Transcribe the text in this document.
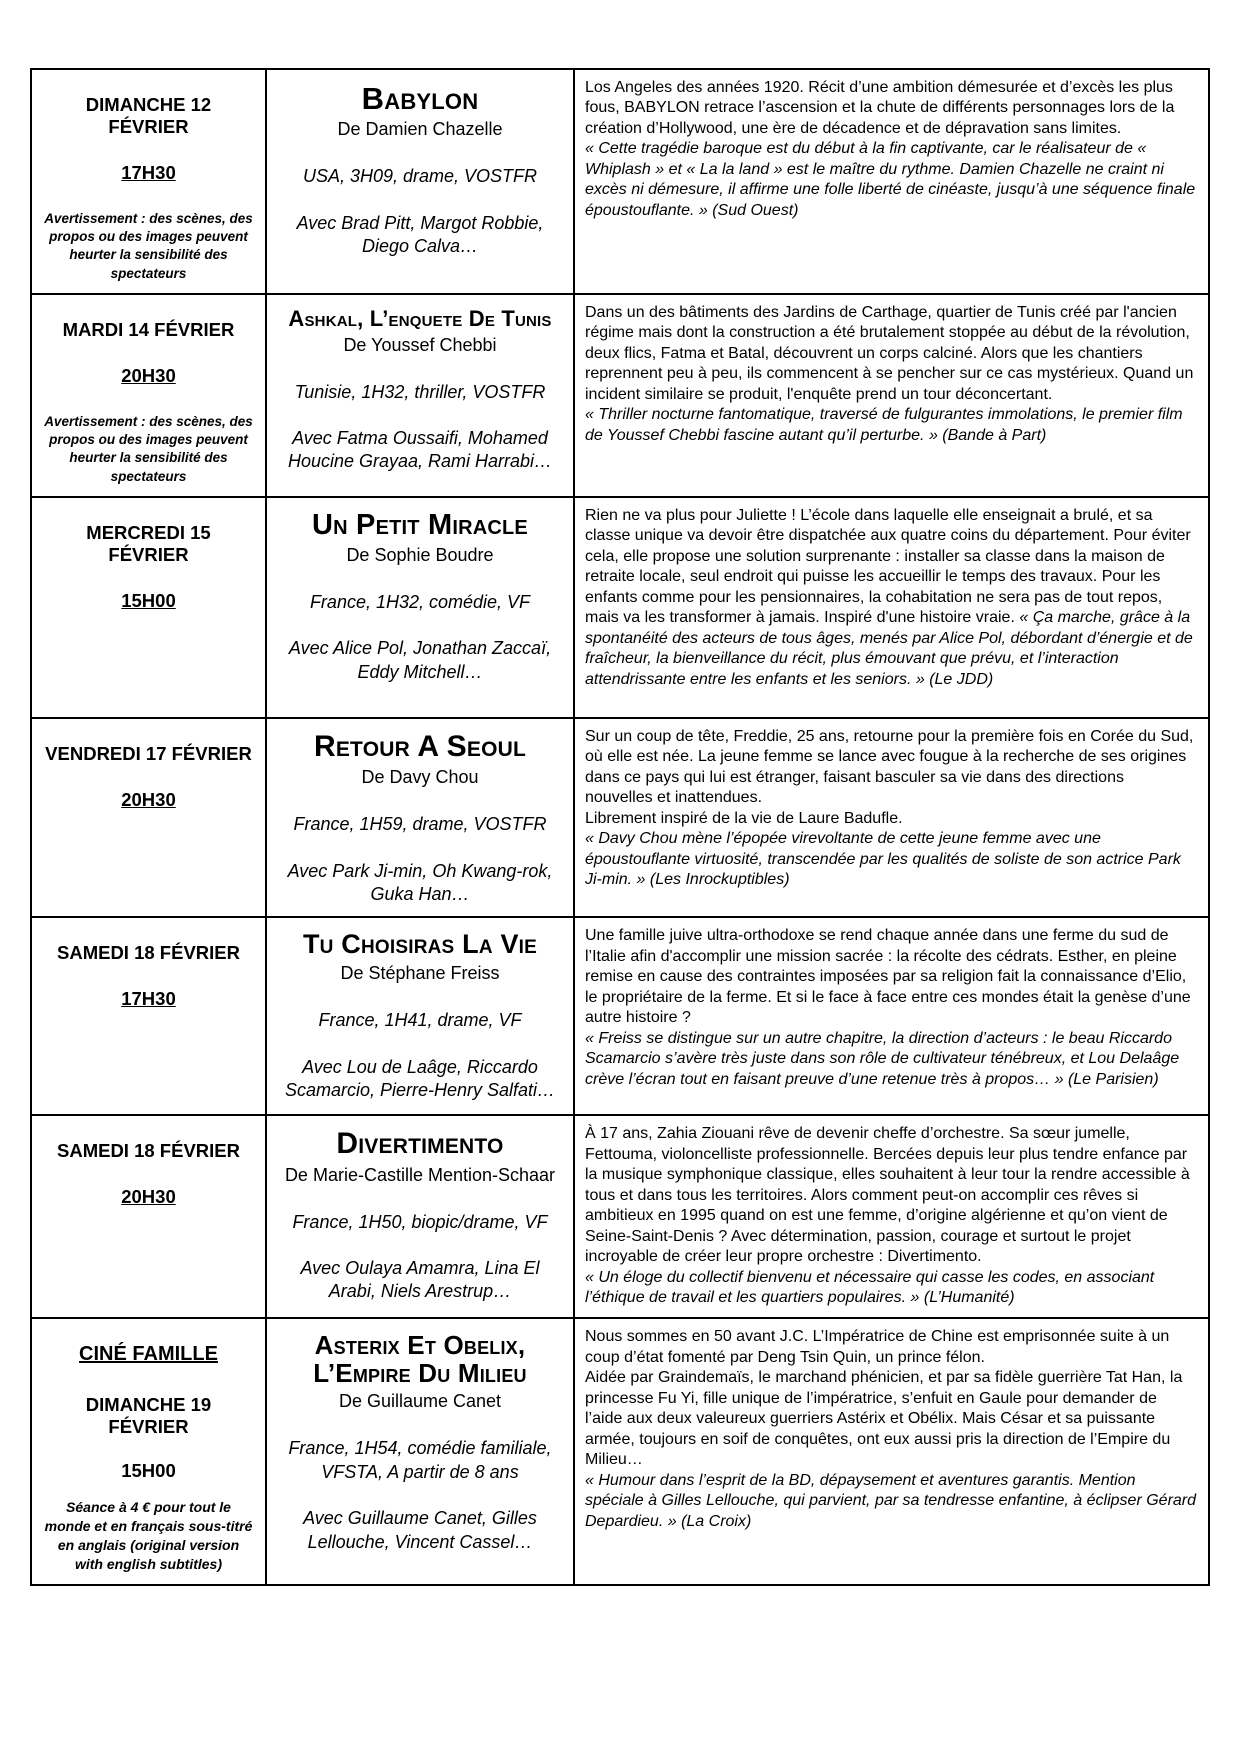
DIMANCHE 12 FÉVRIER
17H30
Avertissement : des scènes, des propos ou des images peuvent heurter la sensibilité des spectateurs
Babylon
De Damien Chazelle
USA, 3H09, drame, VOSTFR
Avec Brad Pitt, Margot Robbie, Diego Calva…
Los Angeles des années 1920. Récit d’une ambition démesurée et d’excès les plus fous, BABYLON retrace l’ascension et la chute de différents personnages lors de la création d’Hollywood, une ère de décadence et de dépravation sans limites.
« Cette tragédie baroque est du début à la fin captivante, car le réalisateur de « Whiplash » et « La la land » est le maître du rythme. Damien Chazelle ne craint ni excès ni démesure, il affirme une folle liberté de cinéaste, jusqu’à une séquence finale époustouflante. » (Sud Ouest)
MARDI 14 FÉVRIER
20H30
Avertissement : des scènes, des propos ou des images peuvent heurter la sensibilité des spectateurs
Ashkal, L’enquete De Tunis
De Youssef Chebbi
Tunisie, 1H32, thriller, VOSTFR
Avec Fatma Oussaifi, Mohamed Houcine Grayaa, Rami Harrabi…
Dans un des bâtiments des Jardins de Carthage, quartier de Tunis créé par l'ancien régime mais dont la construction a été brutalement stoppée au début de la révolution, deux flics, Fatma et Batal, découvrent un corps calciné. Alors que les chantiers reprennent peu à peu, ils commencent à se pencher sur ce cas mystérieux. Quand un incident similaire se produit, l'enquête prend un tour déconcertant.
« Thriller nocturne fantomatique, traversé de fulgurantes immolations, le premier film de Youssef Chebbi fascine autant qu’il perturbe. » (Bande à Part)
MERCREDI 15 FÉVRIER
15H00
Un Petit Miracle
De Sophie Boudre
France, 1H32, comédie, VF
Avec Alice Pol, Jonathan Zaccaï, Eddy Mitchell…
Rien ne va plus pour Juliette ! L’école dans laquelle elle enseignait a brulé, et sa classe unique va devoir être dispatchée aux quatre coins du département. Pour éviter cela, elle propose une solution surprenante : installer sa classe dans la maison de retraite locale, seul endroit qui puisse les accueillir le temps des travaux. Pour les enfants comme pour les pensionnaires, la cohabitation ne sera pas de tout repos, mais va les transformer à jamais. Inspiré d'une histoire vraie. « Ça marche, grâce à la spontanéité des acteurs de tous âges, menés par Alice Pol, débordant d’énergie et de fraîcheur, la bienveillance du récit, plus émouvant que prévu, et l’interaction attendrissante entre les enfants et les seniors. » (Le JDD)
VENDREDI 17 FÉVRIER
20H30
Retour A Seoul
De Davy Chou
France, 1H59, drame, VOSTFR
Avec Park Ji-min, Oh Kwang-rok, Guka Han…
Sur un coup de tête, Freddie, 25 ans, retourne pour la première fois en Corée du Sud, où elle est née. La jeune femme se lance avec fougue à la recherche de ses origines dans ce pays qui lui est étranger, faisant basculer sa vie dans des directions nouvelles et inattendues.
Librement inspiré de la vie de Laure Badufle.
« Davy Chou mène l’épopée virevoltante de cette jeune femme avec une époustouflante virtuosité, transcendée par les qualités de soliste de son actrice Park Ji-min. » (Les Inrockuptibles)
SAMEDI 18 FÉVRIER
17H30
Tu Choisiras La Vie
De Stéphane Freiss
France, 1H41, drame, VF
Avec Lou de Laâge, Riccardo Scamarcio, Pierre-Henry Salfati…
Une famille juive ultra-orthodoxe se rend chaque année dans une ferme du sud de l’Italie afin d'accomplir une mission sacrée : la récolte des cédrats. Esther, en pleine remise en cause des contraintes imposées par sa religion fait la connaissance d’Elio, le propriétaire de la ferme. Et si le face à face entre ces mondes était la genèse d’une autre histoire ?
« Freiss se distingue sur un autre chapitre, la direction d’acteurs : le beau Riccardo Scamarcio s’avère très juste dans son rôle de cultivateur ténébreux, et Lou Delaâge crève l’écran tout en faisant preuve d’une retenue très à propos… » (Le Parisien)
SAMEDI 18 FÉVRIER
20H30
Divertimento
De Marie-Castille Mention-Schaar
France, 1H50, biopic/drame, VF
Avec Oulaya Amamra, Lina El Arabi, Niels Arestrup…
À 17 ans, Zahia Ziouani rêve de devenir cheffe d’orchestre. Sa sœur jumelle, Fettouma, violoncelliste professionnelle. Bercées depuis leur plus tendre enfance par la musique symphonique classique, elles souhaitent à leur tour la rendre accessible à tous et dans tous les territoires. Alors comment peut-on accomplir ces rêves si ambitieux en 1995 quand on est une femme, d’origine algérienne et qu’on vient de Seine-Saint-Denis ? Avec détermination, passion, courage et surtout le projet incroyable de créer leur propre orchestre : Divertimento.
« Un éloge du collectif bienvenu et nécessaire qui casse les codes, en associant l’éthique de travail et les quartiers populaires. » (L’Humanité)
CINÉ FAMILLE
DIMANCHE 19 FÉVRIER
15H00
Séance à 4 € pour tout le monde et en français sous-titré en anglais (original version with english subtitles)
Asterix Et Obelix,
L’Empire Du Milieu
De Guillaume Canet
France, 1H54, comédie familiale, VFSTA, A partir de 8 ans
Avec Guillaume Canet, Gilles Lellouche, Vincent Cassel…
Nous sommes en 50 avant J.C. L’Impératrice de Chine est emprisonnée suite à un coup d’état fomenté par Deng Tsin Quin, un prince félon.
Aidée par Graindemaïs, le marchand phénicien, et par sa fidèle guerrière Tat Han, la princesse Fu Yi, fille unique de l’impératrice, s’enfuit en Gaule pour demander de l’aide aux deux valeureux guerriers Astérix et Obélix. Mais César et sa puissante armée, toujours en soif de conquêtes, ont eux aussi pris la direction de l’Empire du Milieu…
« Humour dans l’esprit de la BD, dépaysement et aventures garantis. Mention spéciale à Gilles Lellouche, qui parvient, par sa tendresse enfantine, à éclipser Gérard Depardieu. » (La Croix)
